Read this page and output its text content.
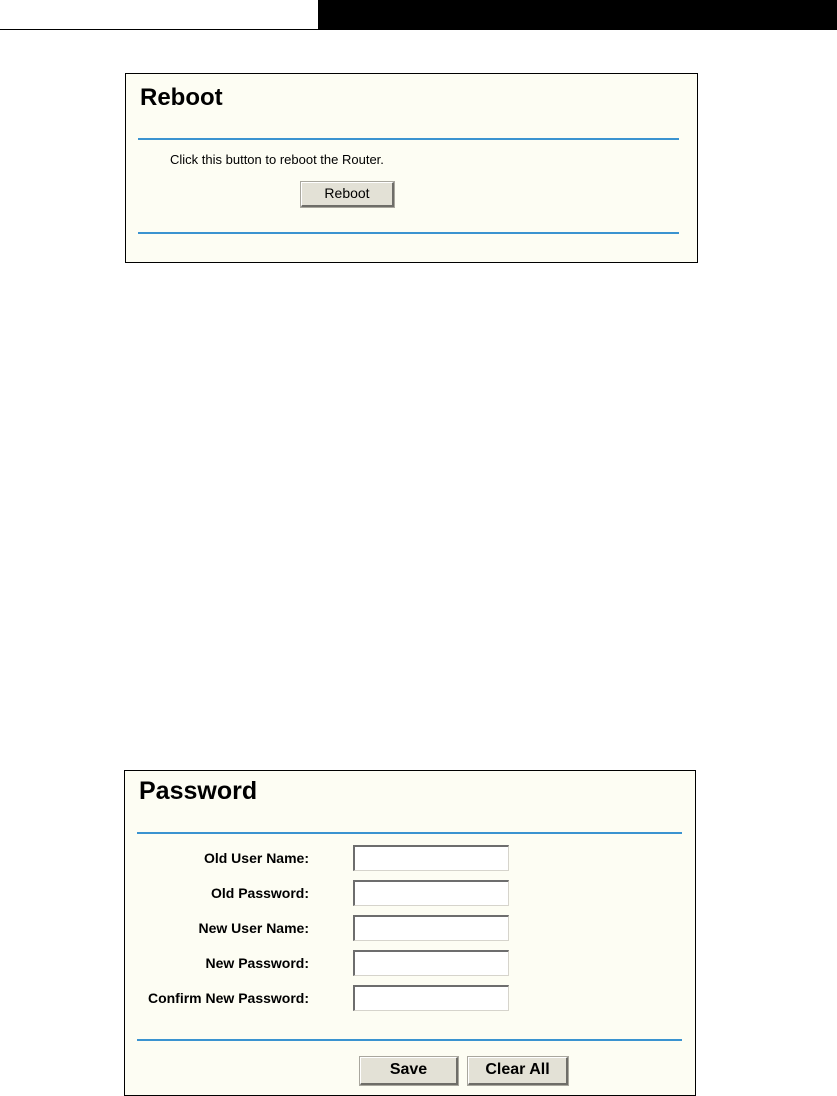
Reboot
Click this button to reboot the Router.
Reboot
Password
Old User Name:
Old Password:
New User Name:
New Password:
Confirm New Password:
Save	Clear All
